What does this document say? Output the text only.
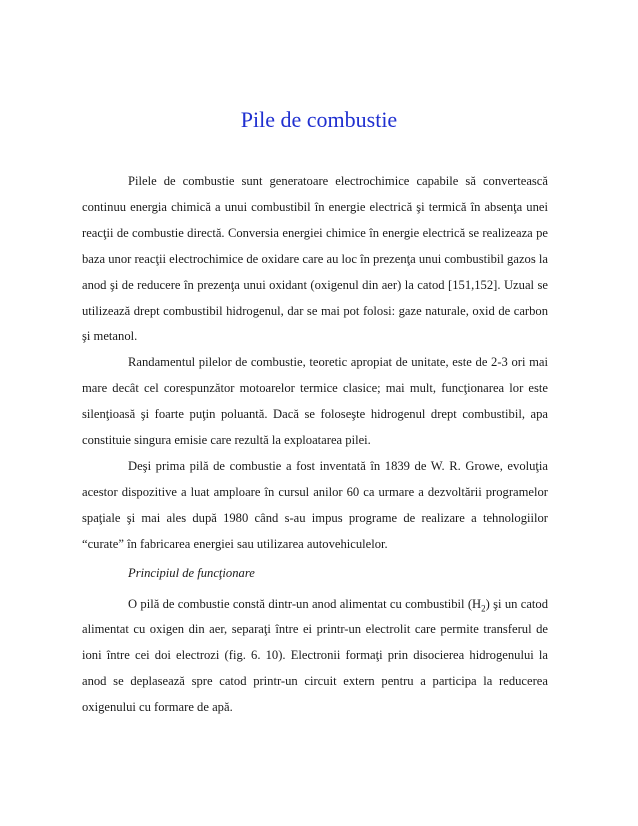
Pile de combustie

Pilele de combustie sunt generatoare electrochimice capabile să convertească continuu energia chimică a unui combustibil în energie electrică şi termică în absenţa unei reacţii de combustie directă. Conversia energiei chimice în energie electrică se realizeaza pe baza unor reacţii electrochimice de oxidare care au loc în prezenţa unui combustibil gazos la anod şi de reducere în prezenţa unui oxidant (oxigenul din aer) la catod [151,152]. Uzual se utilizează drept combustibil hidrogenul, dar se mai pot folosi: gaze naturale, oxid de carbon şi metanol.

Randamentul pilelor de combustie, teoretic apropiat de unitate, este de 2-3 ori mai mare decât cel corespunzător motoarelor termice clasice; mai mult, funcţionarea lor este silenţioasă şi foarte puţin poluantă. Dacă se foloseşte hidrogenul drept combustibil, apa constituie singura emisie care rezultă la exploatarea pilei.

Deşi prima pilă de combustie a fost inventată în 1839 de W. R. Growe, evoluţia acestor dispozitive a luat amploare în cursul anilor 60 ca urmare a dezvoltării programelor spaţiale şi mai ales după 1980 când s-au impus programe de realizare a tehnologiilor “curate” în fabricarea energiei sau utilizarea autovehiculelor.

Principiul de funcţionare

O pilă de combustie constă dintr-un anod alimentat cu combustibil $(H_2)$ şi un catod alimentat cu oxigen din aer, separaţi între ei printr-un electrolit care permite transferul de ioni între cei doi electrozi (fig. 6. 10). Electronii formaţi prin disocierea hidrogenului la anod se deplasează spre catod printr-un circuit extern pentru a participa la reducerea oxigenului cu formare de apă.
